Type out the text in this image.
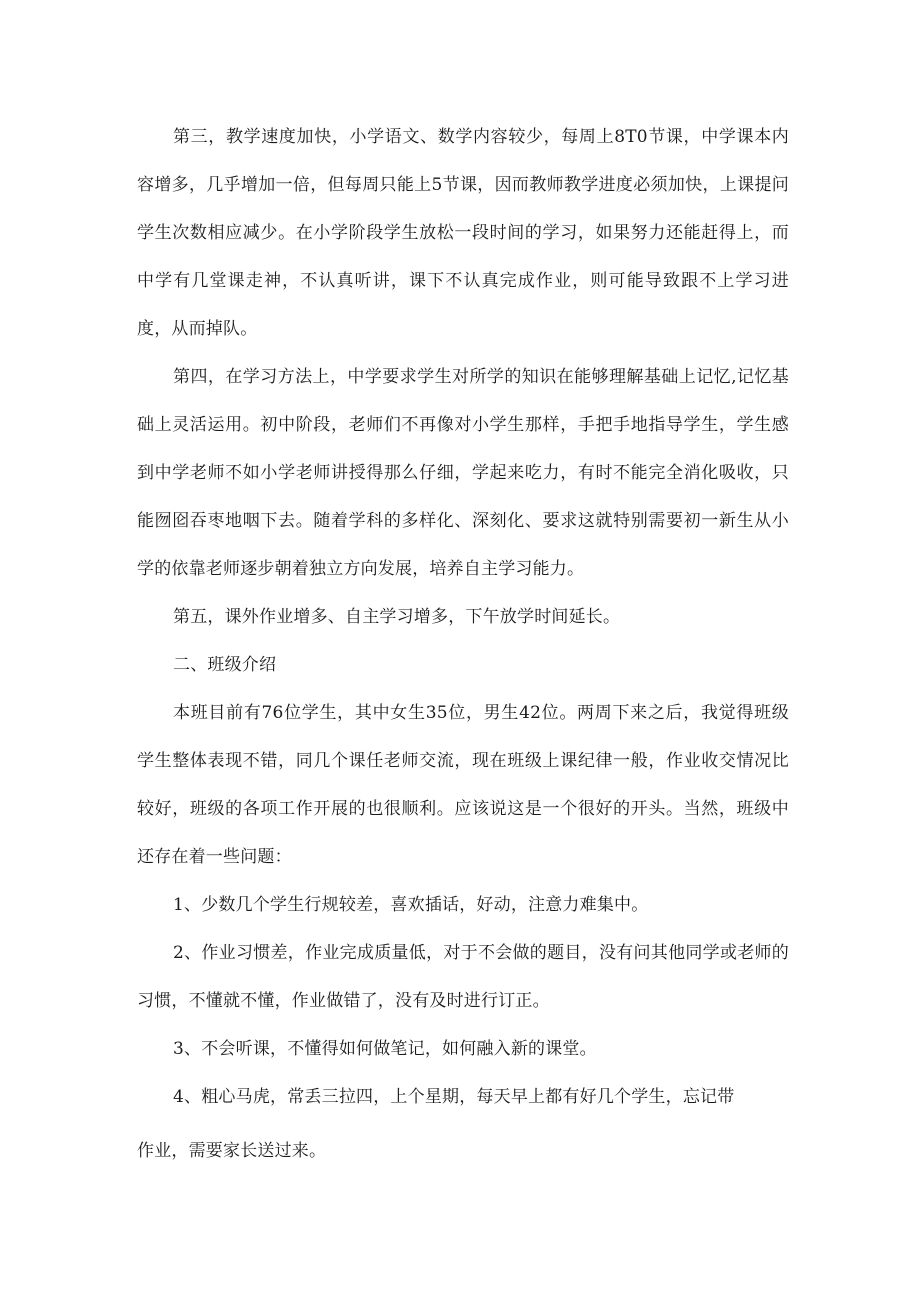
第三，教学速度加快，小学语文、数学内容较少，每周上8T0节课，中学课本内容增多，几乎增加一倍，但每周只能上5节课，因而教师教学进度必须加快，上课提问学生次数相应减少。在小学阶段学生放松一段时间的学习，如果努力还能赶得上，而中学有几堂课走神，不认真听讲，课下不认真完成作业，则可能导致跟不上学习进度，从而掉队。

第四，在学习方法上，中学要求学生对所学的知识在能够理解基础上记忆,记忆基础上灵活运用。初中阶段，老师们不再像对小学生那样，手把手地指导学生，学生感到中学老师不如小学老师讲授得那么仔细，学起来吃力，有时不能完全消化吸收，只能囫囵吞枣地咽下去。随着学科的多样化、深刻化、要求这就特别需要初一新生从小学的依靠老师逐步朝着独立方向发展，培养自主学习能力。

第五，课外作业增多、自主学习增多，下午放学时间延长。

二、班级介绍

本班目前有76位学生，其中女生35位，男生42位。两周下来之后，我觉得班级学生整体表现不错，同几个课任老师交流，现在班级上课纪律一般，作业收交情况比较好，班级的各项工作开展的也很顺利。应该说这是一个很好的开头。当然，班级中还存在着一些问题：

1、少数几个学生行规较差，喜欢插话，好动，注意力难集中。

2、作业习惯差，作业完成质量低，对于不会做的题目，没有问其他同学或老师的习惯，不懂就不懂，作业做错了，没有及时进行订正。

3、不会听课，不懂得如何做笔记，如何融入新的课堂。

4、粗心马虎，常丢三拉四，上个星期，每天早上都有好几个学生，忘记带

作业，需要家长送过来。
